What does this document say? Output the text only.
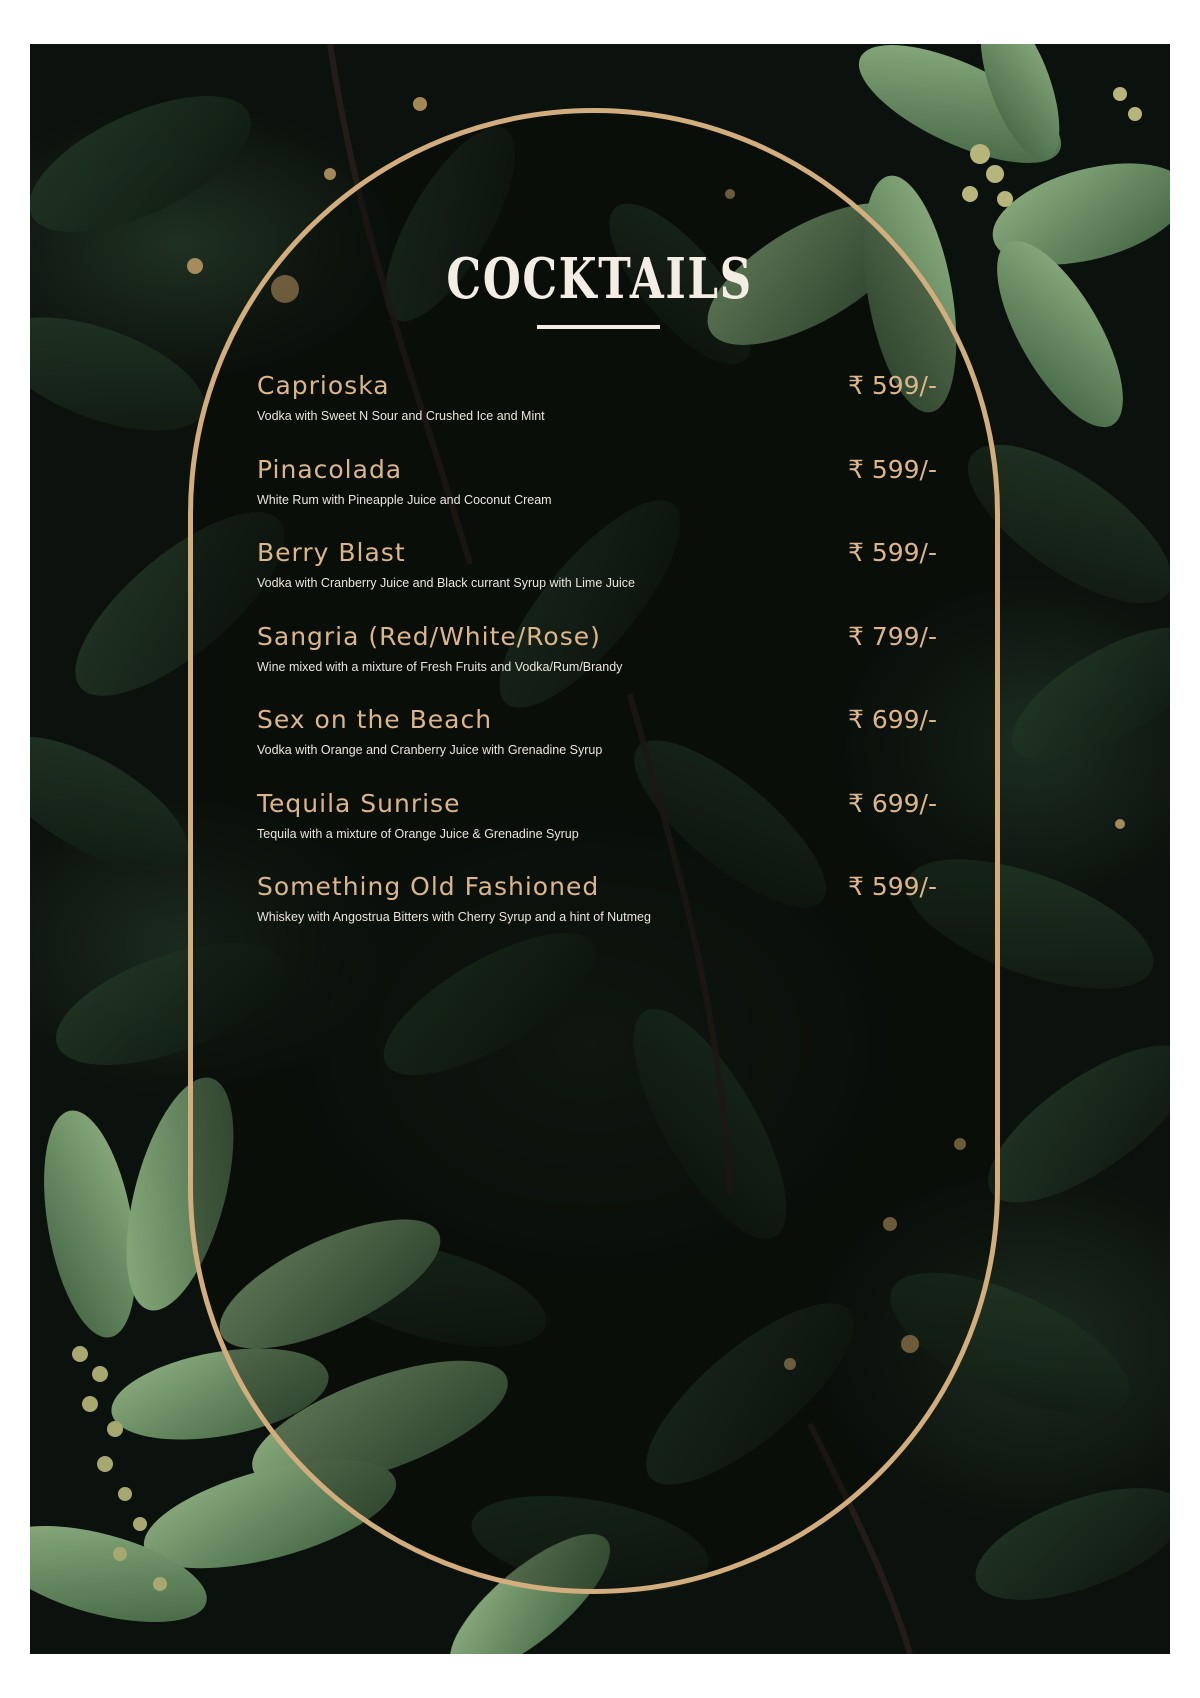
COCKTAILS
Caprioska	₹ 599/-
Vodka with Sweet N Sour and Crushed Ice and Mint
Pinacolada	₹ 599/-
White Rum with Pineapple Juice and Coconut Cream
Berry Blast	₹ 599/-
Vodka with Cranberry Juice and Black currant Syrup with Lime Juice
Sangria (Red/White/Rose)	₹ 799/-
Wine mixed with a mixture of Fresh Fruits and Vodka/Rum/Brandy
Sex on the Beach	₹ 699/-
Vodka with Orange and Cranberry Juice with Grenadine Syrup
Tequila Sunrise	₹ 699/-
Tequila with a mixture of Orange Juice & Grenadine Syrup
Something Old Fashioned	₹ 599/-
Whiskey with Angostrua Bitters with Cherry Syrup and a hint of Nutmeg
